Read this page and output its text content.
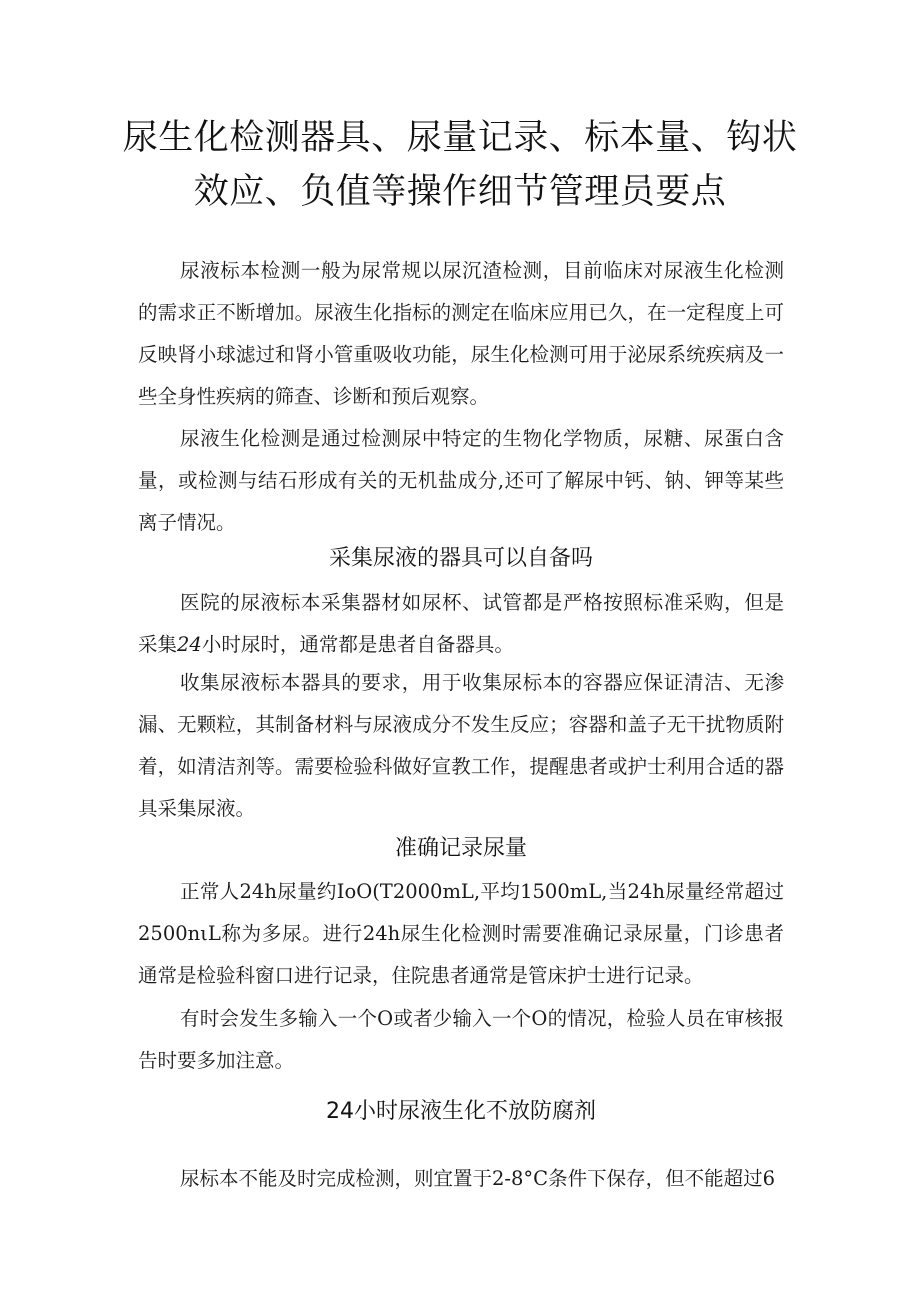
尿生化检测器具、尿量记录、标本量、钩状
效应、负值等操作细节管理员要点

尿液标本检测一般为尿常规以尿沉渣检测，目前临床对尿液生化检测的需求正不断增加。尿液生化指标的测定在临床应用已久，在一定程度上可反映肾小球滤过和肾小管重吸收功能，尿生化检测可用于泌尿系统疾病及一些全身性疾病的筛查、诊断和预后观察。

尿液生化检测是通过检测尿中特定的生物化学物质，尿糖、尿蛋白含量，或检测与结石形成有关的无机盐成分,还可了解尿中钙、钠、钾等某些离子情况。

采集尿液的器具可以自备吗

医院的尿液标本采集器材如尿杯、试管都是严格按照标准采购，但是采集24小时尿时，通常都是患者自备器具。

收集尿液标本器具的要求，用于收集尿标本的容器应保证清洁、无渗漏、无颗粒，其制备材料与尿液成分不发生反应；容器和盖子无干扰物质附着，如清洁剂等。需要检验科做好宣教工作，提醒患者或护士利用合适的器具采集尿液。

准确记录尿量

正常人24h尿量约IoO(T2000mL,平均1500mL,当24h尿量经常超过2500nιL称为多尿。进行24h尿生化检测时需要准确记录尿量，门诊患者通常是检验科窗口进行记录，住院患者通常是管床护士进行记录。

有时会发生多输入一个O或者少输入一个O的情况，检验人员在审核报告时要多加注意。

24小时尿液生化不放防腐剂

尿标本不能及时完成检测，则宜置于2-8°C条件下保存，但不能超过6
